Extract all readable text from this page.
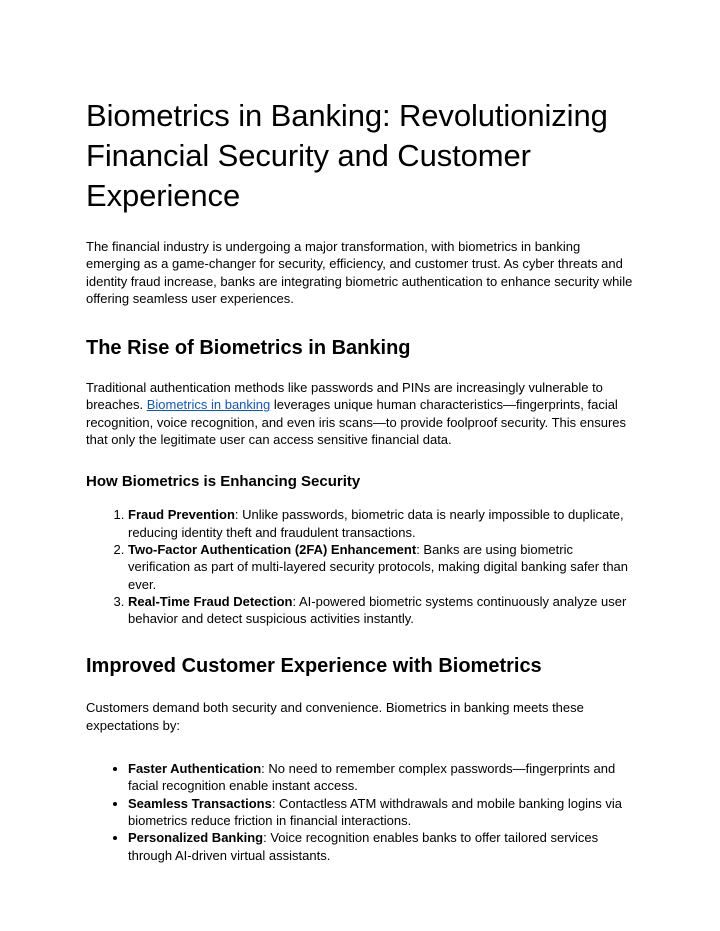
Biometrics in Banking: Revolutionizing Financial Security and Customer Experience

The financial industry is undergoing a major transformation, with biometrics in banking emerging as a game-changer for security, efficiency, and customer trust. As cyber threats and identity fraud increase, banks are integrating biometric authentication to enhance security while offering seamless user experiences.

The Rise of Biometrics in Banking

Traditional authentication methods like passwords and PINs are increasingly vulnerable to breaches. Biometrics in banking leverages unique human characteristics—fingerprints, facial recognition, voice recognition, and even iris scans—to provide foolproof security. This ensures that only the legitimate user can access sensitive financial data.

How Biometrics is Enhancing Security
1. Fraud Prevention: Unlike passwords, biometric data is nearly impossible to duplicate, reducing identity theft and fraudulent transactions.
2. Two-Factor Authentication (2FA) Enhancement: Banks are using biometric verification as part of multi-layered security protocols, making digital banking safer than ever.
3. Real-Time Fraud Detection: AI-powered biometric systems continuously analyze user behavior and detect suspicious activities instantly.
Improved Customer Experience with Biometrics

Customers demand both security and convenience. Biometrics in banking meets these expectations by:

• Faster Authentication: No need to remember complex passwords—fingerprints and facial recognition enable instant access.
• Seamless Transactions: Contactless ATM withdrawals and mobile banking logins via biometrics reduce friction in financial interactions.
• Personalized Banking: Voice recognition enables banks to offer tailored services through AI-driven virtual assistants.
